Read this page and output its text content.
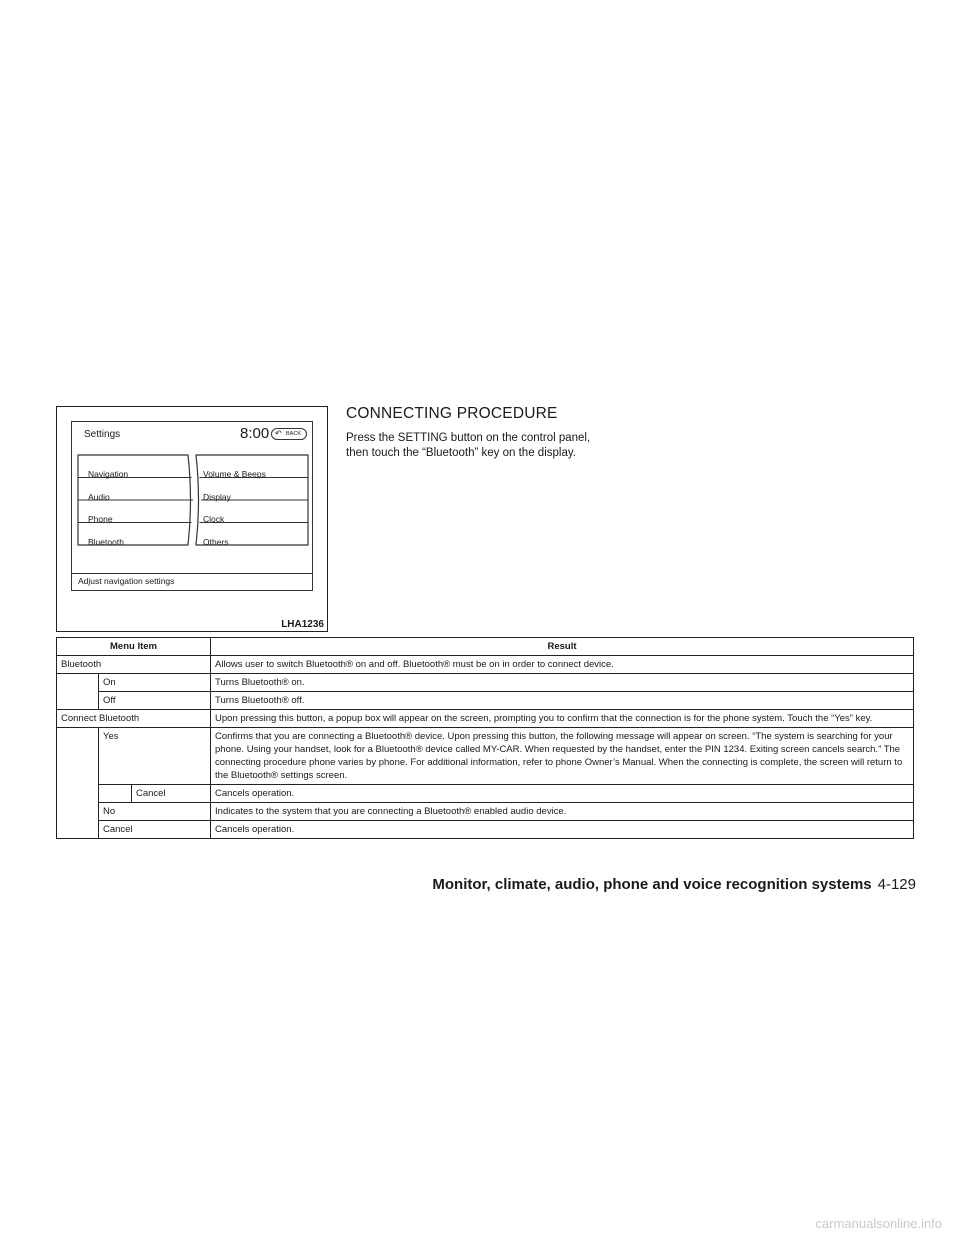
Settings	8:00 ↶ BACK
Navigation
Audio
Phone
Bluetooth
Volume & Beeps
Display
Clock
Others
Adjust navigation settings
LHA1236
CONNECTING PROCEDURE

Press the SETTING button on the control panel,

then touch the “Bluetooth” key on the display.

Menu Item			Result
Bluetooth			Allows user to switch Bluetooth® on and off. Bluetooth® must be on in order to connect device.
	On		Turns Bluetooth® on.
	Off		Turns Bluetooth® off.
Connect Bluetooth			Upon pressing this button, a popup box will appear on the screen, prompting you to confirm that the connection is for the phone system. Touch the “Yes” key.
	Yes		Confirms that you are connecting a Bluetooth® device. Upon pressing this button, the following message will appear on screen. “The system is searching for your phone. Using your handset, look for a Bluetooth® device called MY-CAR. When requested by the handset, enter the PIN 1234. Exiting screen cancels search.” The connecting procedure phone varies by phone. For additional information, refer to phone Owner’s Manual. When the connecting is complete, the screen will return to the Bluetooth® settings screen.
		Cancel	Cancels operation.
	No		Indicates to the system that you are connecting a Bluetooth® enabled audio device.
	Cancel		Cancels operation.
Monitor, climate, audio, phone and voice recognition systems 4-129
carmanualsonline.info
